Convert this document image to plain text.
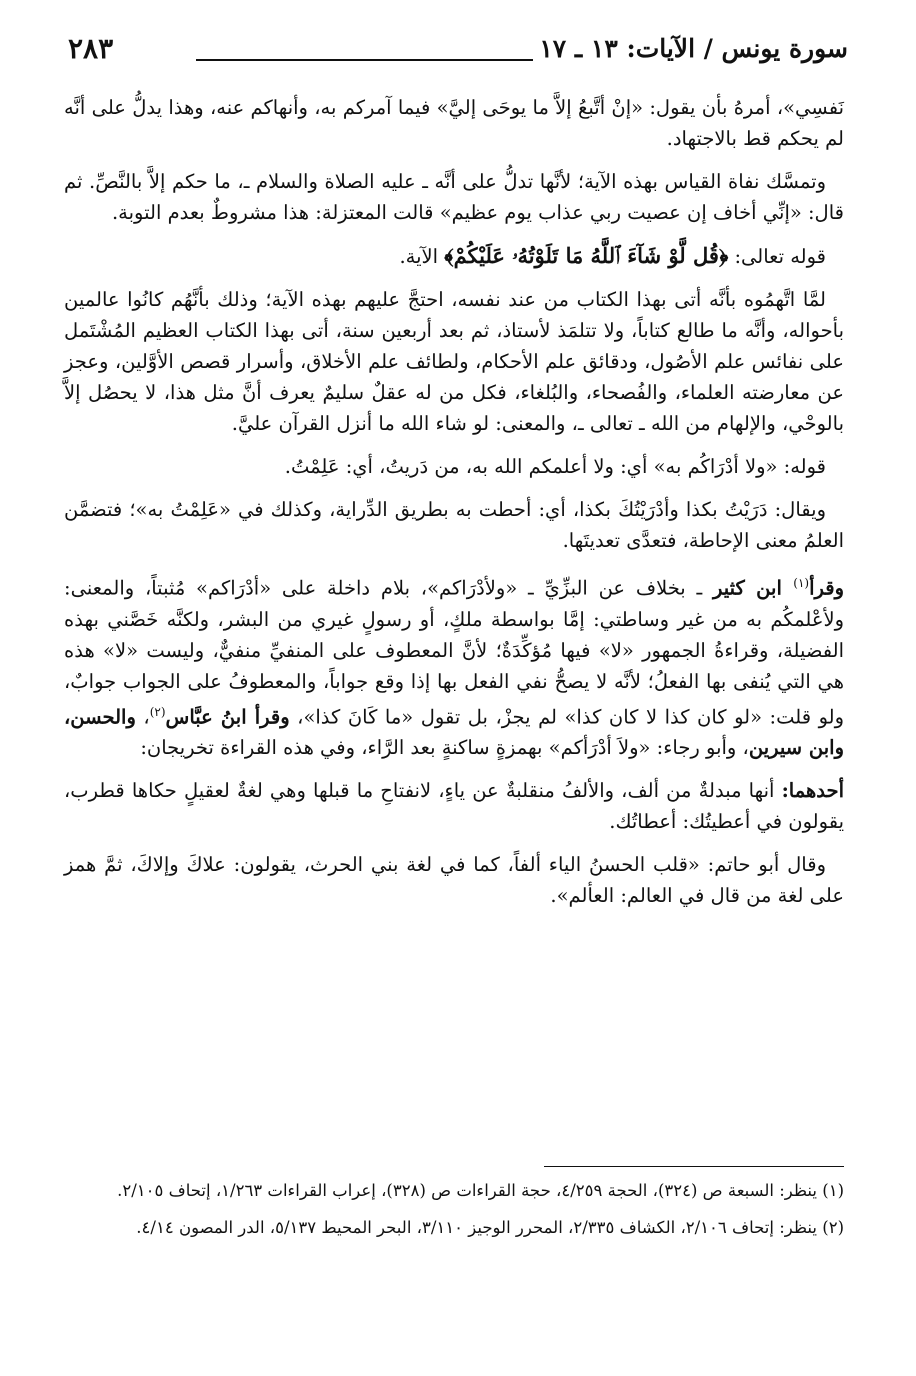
سورة يونس / الآيات: ١٣ ـ ١٧
٢٨٣

نَفسِي»، أمرهُ بأن يقول: «إنْ أتَّبعُ إلاَّ ما يوحَى إليَّ» فيما آمركم به، وأنهاكم عنه، وهذا يدلُّ على أنَّه لم يحكم قط بالاجتهاد.

وتمسَّك نفاة القياس بهذه الآية؛ لأنَّها تدلُّ على أنَّه ـ عليه الصلاة والسلام ـ، ما حكم إلاَّ بالنَّصِّ. ثم قال: «إنِّي أخاف إن عصيت ربي عذاب يوم عظيم» قالت المعتزلة: هذا مشروطٌ بعدم التوبة.

قوله تعالى: ﴿قُل لَّوْ شَآءَ ٱللَّهُ مَا تَلَوْتُهُۥ عَلَيْكُمْ﴾ الآية.

لمَّا اتَّهمُوه بأنَّه أتى بهذا الكتاب من عند نفسه، احتجَّ عليهم بهذه الآية؛ وذلك بأنَّهُم كانُوا عالمين بأحواله، وأنَّه ما طالع كتاباً، ولا تتلمَذ لأستاذ، ثم بعد أربعين سنة، أتى بهذا الكتاب العظيم المُشْتَمل على نفائس علم الأصُول، ودقائق علم الأحكام، ولطائف علم الأخلاق، وأسرار قصص الأوَّلين، وعجز عن معارضته العلماء، والفُصحاء، والبُلغاء، فكل من له عقلٌ سليمٌ يعرف أنَّ مثل هذا، لا يحصُل إلاَّ بالوحْي، والإلهام من الله ـ تعالى ـ، والمعنى: لو شاء الله ما أنزل القرآن عليَّ.

قوله: «ولا أدْرَاكُم به» أي: ولا أعلمكم الله به، من دَريتُ، أي: عَلِمْتُ.

ويقال: دَرَيْتُ بكذا وأدْرَيْتُكَ بكذا، أي: أحطت به بطريق الدِّراية، وكذلك في «عَلِمْتُ به»؛ فتضمَّن العلمُ معنى الإحاطة، فتعدَّى تعديتَها.

وقرأ$^{(١)}$ ابن كثير ـ بخلاف عن البزِّيِّ ـ «ولأدْرَاكم»، بلام داخلة على «أدْرَاكم» مُثبتاً، والمعنى: ولأعْلمكُم به من غير وساطتي: إمَّا بواسطة ملكٍ، أو رسولٍ غيري من البشر، ولكنَّه خَصَّني بهذه الفضيلة، وقراءةُ الجمهور «لا» فيها مُؤكِّدَةٌ؛ لأنَّ المعطوف على المنفيِّ منفيٌّ، وليست «لا» هذه هي التي يُنفى بها الفعلُ؛ لأنَّه لا يصحُّ نفي الفعل بها إذا وقع جواباً، والمعطوفُ على الجواب جوابٌ، ولو قلت: «لو كان كذا لا كان كذا» لم يجزْ، بل تقول «ما كَانَ كذا»، وقرأ ابنُ عبَّاس$^{(٢)}$، والحسن، وابن سيرين، وأبو رجاء: «ولاَ أدْرَأكم» بهمزةٍ ساكنةٍ بعد الرَّاء، وفي هذه القراءة تخريجان:

أحدهما: أنها مبدلةٌ من ألف، والألفُ منقلبةٌ عن ياءٍ، لانفتاحِ ما قبلها وهي لغةٌ لعقيلٍ حكاها قطرب، يقولون في أعطيتُك: أعطاتُك.

وقال أبو حاتم: «قلب الحسنُ الياء ألفاً، كما في لغة بني الحرث، يقولون: علاكَ وإلاكَ، ثمَّ همز على لغة من قال في العالم: العألم».

(١) ينظر: السبعة ص (٣٢٤)، الحجة ٤/٢٥٩، حجة القراءات ص (٣٢٨)، إعراب القراءات ١/٢٦٣، إتحاف ٢/١٠٥.

(٢) ينظر: إتحاف ٢/١٠٦، الكشاف ٢/٣٣٥، المحرر الوجيز ٣/١١٠، البحر المحيط ٥/١٣٧، الدر المصون ٤/١٤.
